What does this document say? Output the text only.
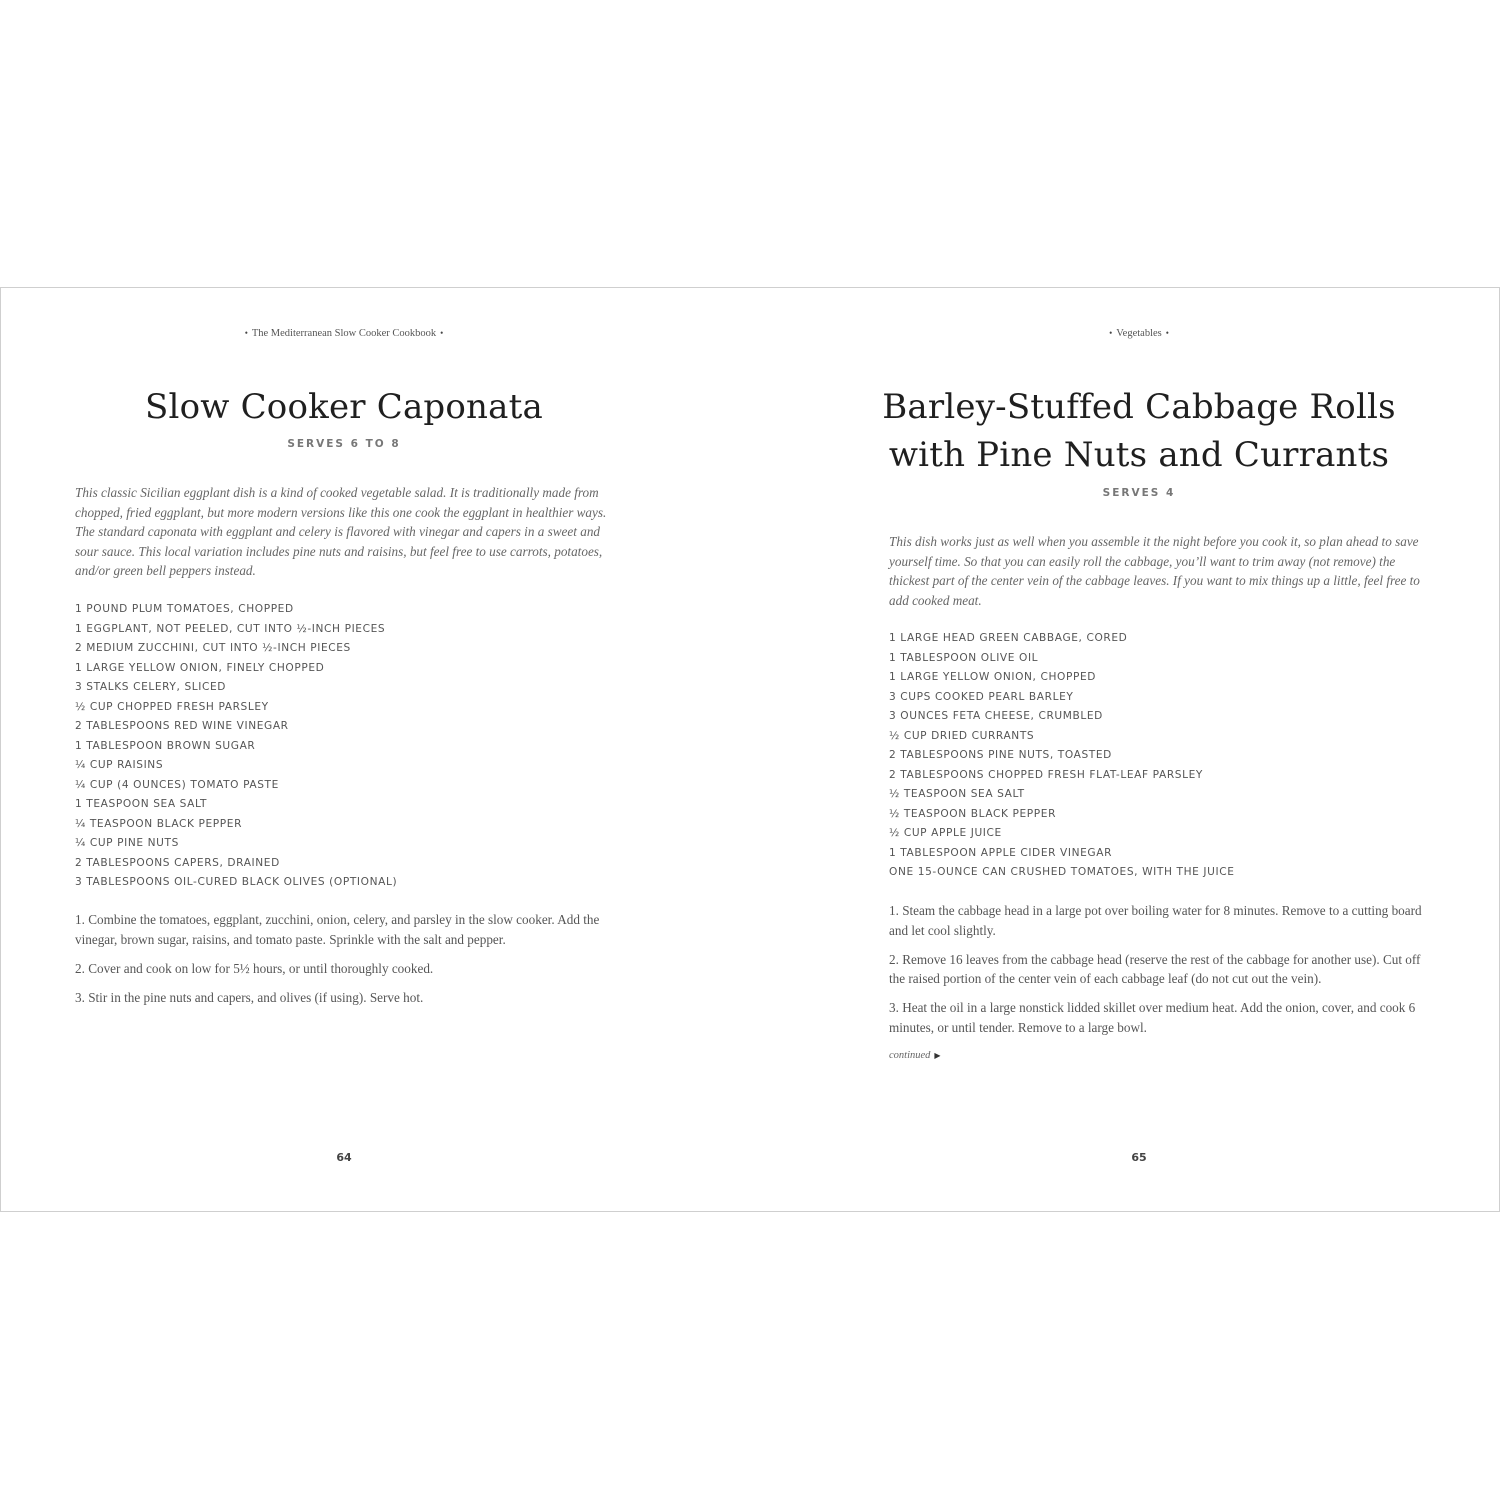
• The Mediterranean Slow Cooker Cookbook •
Slow Cooker Caponata
SERVES 6 TO 8

This classic Sicilian eggplant dish is a kind of cooked vegetable salad. It is traditionally made from chopped, fried eggplant, but more modern versions like this one cook the eggplant in healthier ways. The standard caponata with eggplant and celery is flavored with vinegar and capers in a sweet and sour sauce. This local variation includes pine nuts and raisins, but feel free to use carrots, potatoes, and/or green bell peppers instead.

1 POUND PLUM TOMATOES, CHOPPED
1 EGGPLANT, NOT PEELED, CUT INTO ½-INCH PIECES
2 MEDIUM ZUCCHINI, CUT INTO ½-INCH PIECES
1 LARGE YELLOW ONION, FINELY CHOPPED
3 STALKS CELERY, SLICED
½ CUP CHOPPED FRESH PARSLEY
2 TABLESPOONS RED WINE VINEGAR
1 TABLESPOON BROWN SUGAR
¼ CUP RAISINS
¼ CUP (4 OUNCES) TOMATO PASTE
1 TEASPOON SEA SALT
¼ TEASPOON BLACK PEPPER
¼ CUP PINE NUTS
2 TABLESPOONS CAPERS, DRAINED
3 TABLESPOONS OIL-CURED BLACK OLIVES (OPTIONAL)

1. Combine the tomatoes, eggplant, zucchini, onion, celery, and parsley in the slow cooker. Add the vinegar, brown sugar, raisins, and tomato paste. Sprinkle with the salt and pepper.

2. Cover and cook on low for 5½ hours, or until thoroughly cooked.

3. Stir in the pine nuts and capers, and olives (if using). Serve hot.

64
• Vegetables •
Barley-Stuffed Cabbage Rolls
with Pine Nuts and Currants
SERVES 4

This dish works just as well when you assemble it the night before you cook it, so plan ahead to save yourself time. So that you can easily roll the cabbage, you’ll want to trim away (not remove) the thickest part of the center vein of the cabbage leaves. If you want to mix things up a little, feel free to add cooked meat.

1 LARGE HEAD GREEN CABBAGE, CORED
1 TABLESPOON OLIVE OIL
1 LARGE YELLOW ONION, CHOPPED
3 CUPS COOKED PEARL BARLEY
3 OUNCES FETA CHEESE, CRUMBLED
½ CUP DRIED CURRANTS
2 TABLESPOONS PINE NUTS, TOASTED
2 TABLESPOONS CHOPPED FRESH FLAT-LEAF PARSLEY
½ TEASPOON SEA SALT
½ TEASPOON BLACK PEPPER
½ CUP APPLE JUICE
1 TABLESPOON APPLE CIDER VINEGAR
ONE 15-OUNCE CAN CRUSHED TOMATOES, WITH THE JUICE

1. Steam the cabbage head in a large pot over boiling water for 8 minutes. Remove to a cutting board and let cool slightly.

2. Remove 16 leaves from the cabbage head (reserve the rest of the cabbage for another use). Cut off the raised portion of the center vein of each cabbage leaf (do not cut out the vein).

3. Heat the oil in a large nonstick lidded skillet over medium heat. Add the onion, cover, and cook 6 minutes, or until tender. Remove to a large bowl.

continued ▶
65
